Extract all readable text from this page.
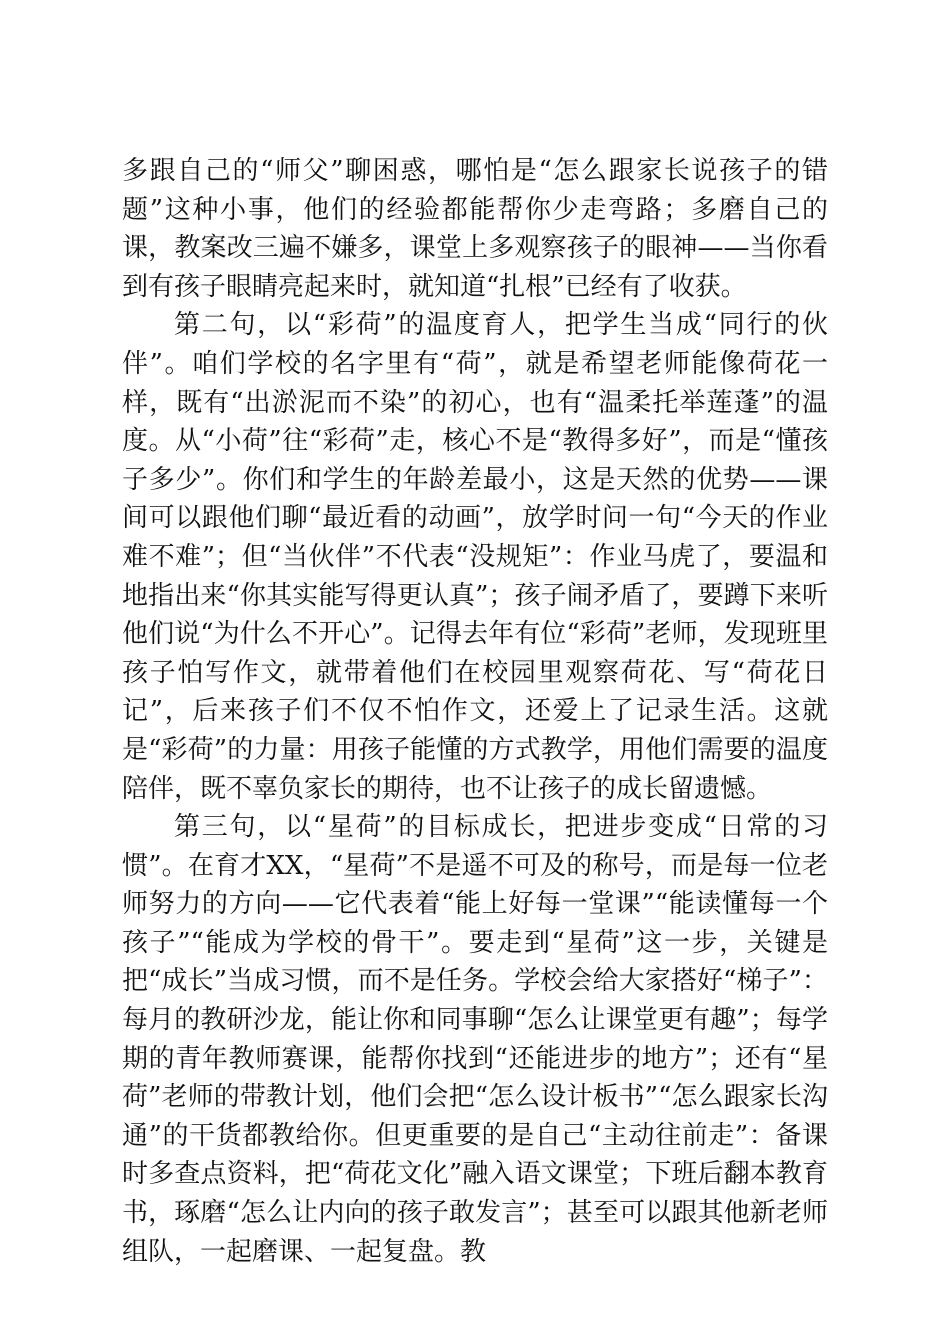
多跟自己的“师父”聊困惑，哪怕是“怎么跟家长说孩子的错题”这种小事，他们的经验都能帮你少走弯路；多磨自己的课，教案改三遍不嫌多，课堂上多观察孩子的眼神——当你看到有孩子眼睛亮起来时，就知道“扎根”已经有了收获。

第二句，以“彩荷”的温度育人，把学生当成“同行的伙伴”。咱们学校的名字里有“荷”，就是希望老师能像荷花一样，既有“出淤泥而不染”的初心，也有“温柔托举莲蓬”的温度。从“小荷”往“彩荷”走，核心不是“教得多好”，而是“懂孩子多少”。你们和学生的年龄差最小，这是天然的优势——课间可以跟他们聊“最近看的动画”，放学时问一句“今天的作业难不难”；但“当伙伴”不代表“没规矩”：作业马虎了，要温和地指出来“你其实能写得更认真”；孩子闹矛盾了，要蹲下来听他们说“为什么不开心”。记得去年有位“彩荷”老师，发现班里孩子怕写作文，就带着他们在校园里观察荷花、写“荷花日记”，后来孩子们不仅不怕作文，还爱上了记录生活。这就是“彩荷”的力量：用孩子能懂的方式教学，用他们需要的温度陪伴，既不辜负家长的期待，也不让孩子的成长留遗憾。

第三句，以“星荷”的目标成长，把进步变成“日常的习惯”。在育才XX，“星荷”不是遥不可及的称号，而是每一位老师努力的方向——它代表着“能上好每一堂课”“能读懂每一个孩子”“能成为学校的骨干”。要走到“星荷”这一步，关键是把“成长”当成习惯，而不是任务。学校会给大家搭好“梯子”：每月的教研沙龙，能让你和同事聊“怎么让课堂更有趣”；每学期的青年教师赛课，能帮你找到“还能进步的地方”；还有“星荷”老师的带教计划，他们会把“怎么设计板书”“怎么跟家长沟通”的干货都教给你。但更重要的是自己“主动往前走”：备课时多查点资料，把“荷花文化”融入语文课堂；下班后翻本教育书，琢磨“怎么让内向的孩子敢发言”；甚至可以跟其他新老师组队，一起磨课、一起复盘。教
